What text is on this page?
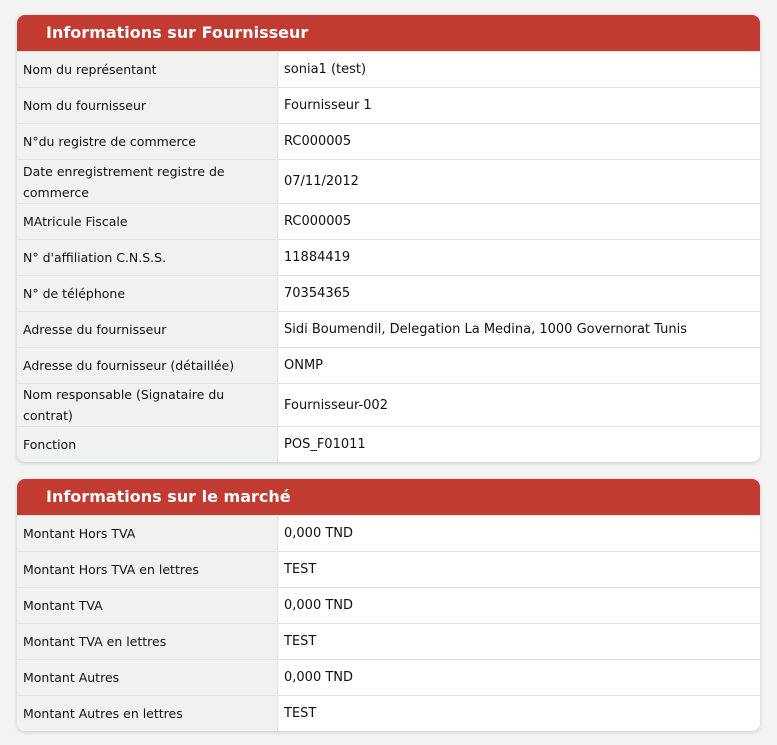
Informations sur Fournisseur
Nom du représentant	sonia1 (test)
Nom du fournisseur	Fournisseur 1
N°du registre de commerce	RC000005
Date enregistrement registre de commerce	07/11/2012
MAtricule Fiscale	RC000005
N° d'affiliation C.N.S.S.	11884419
N° de téléphone	70354365
Adresse du fournisseur	Sidi Boumendil, Delegation La Medina, 1000 Governorat Tunis
Adresse du fournisseur (détaillée)	ONMP
Nom responsable (Signataire du contrat)	Fournisseur-002
Fonction	POS_F01011
Informations sur le marché
Montant Hors TVA	0,000 TND
Montant Hors TVA en lettres	TEST
Montant TVA	0,000 TND
Montant TVA en lettres	TEST
Montant Autres	0,000 TND
Montant Autres en lettres	TEST
